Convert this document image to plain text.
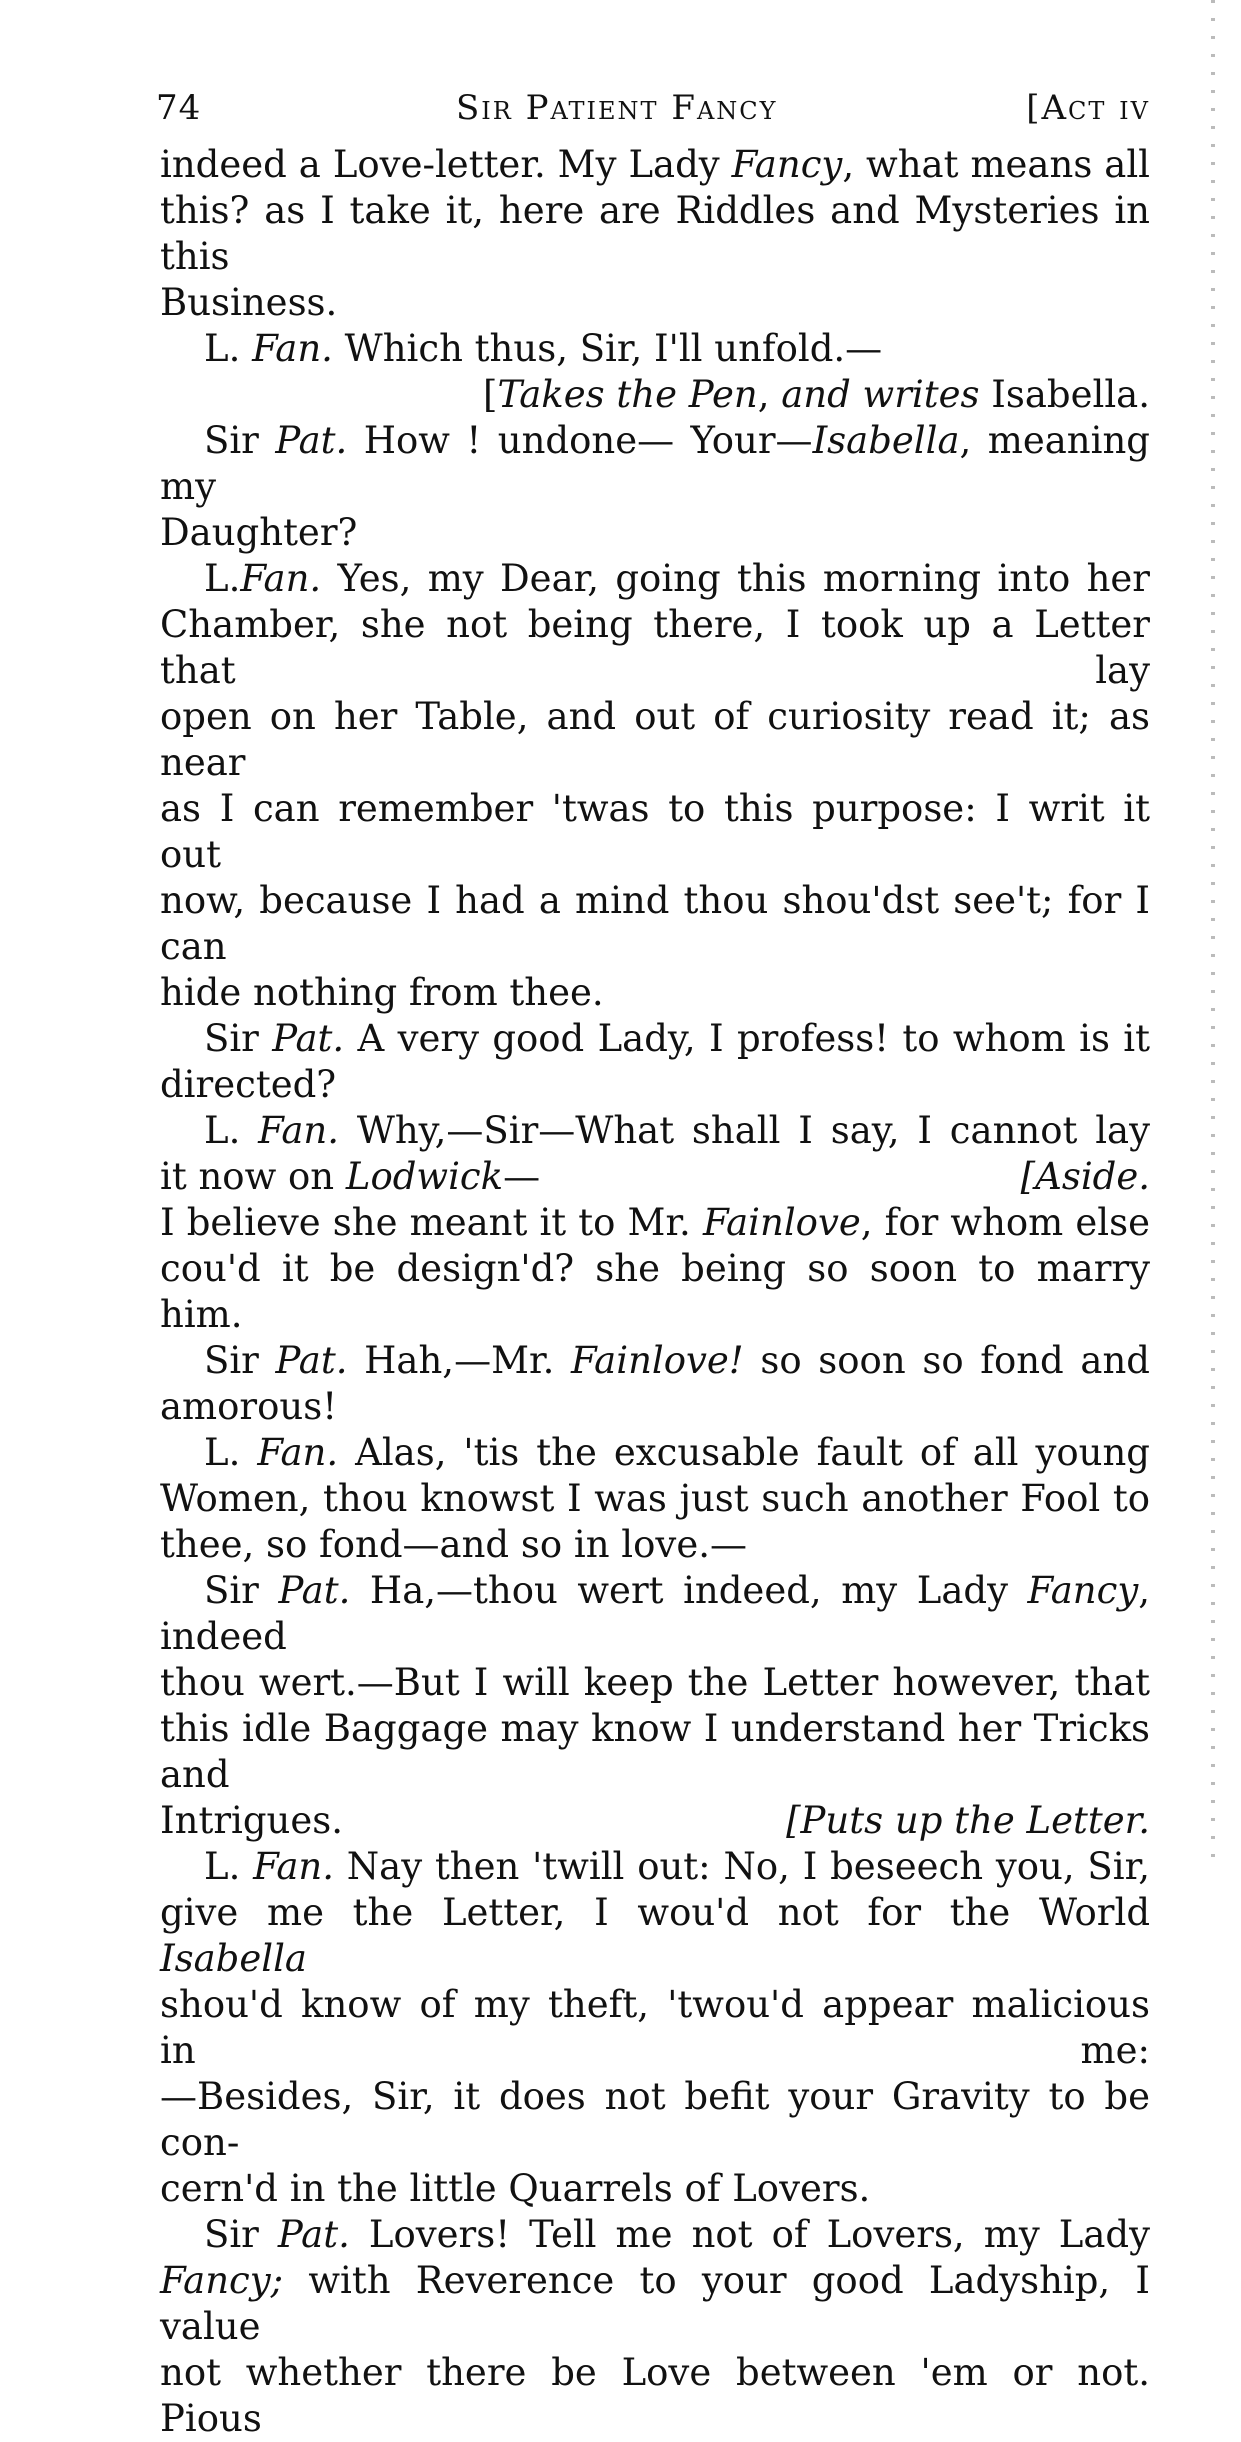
74	Sir Patient Fancy	[Act iv
indeed a Love-letter. My Lady Fancy, what means all
this? as I take it, here are Riddles and Mysteries in this
Business.
L. Fan. Which thus, Sir, I'll unfold.—
[Takes the Pen, and writes Isabella.
Sir Pat. How ! undone— Your—Isabella, meaning my
Daughter?
L.Fan. Yes, my Dear, going this morning into her
Chamber, she not being there, I took up a Letter that lay
open on her Table, and out of curiosity read it; as near
as I can remember 'twas to this purpose: I writ it out
now, because I had a mind thou shou'dst see't; for I can
hide nothing from thee.
Sir Pat. A very good Lady, I profess! to whom is it
directed?
L. Fan. Why,—Sir—What shall I say, I cannot lay
it now on Lodwick—	[Aside.
I believe she meant it to Mr. Fainlove, for whom else
cou'd it be design'd? she being so soon to marry him.
Sir Pat. Hah,—Mr. Fainlove! so soon so fond and
amorous!
L. Fan. Alas, 'tis the excusable fault of all young
Women, thou knowst I was just such another Fool to
thee, so fond—and so in love.—
Sir Pat. Ha,—thou wert indeed, my Lady Fancy, indeed
thou wert.—But I will keep the Letter however, that
this idle Baggage may know I understand her Tricks and
Intrigues.	[Puts up the Letter.
L. Fan. Nay then 'twill out: No, I beseech you, Sir,
give me the Letter, I wou'd not for the World Isabella
shou'd know of my theft, 'twou'd appear malicious in me:
—Besides, Sir, it does not befit your Gravity to be con-
cern'd in the little Quarrels of Lovers.
Sir Pat. Lovers! Tell me not of Lovers, my Lady
Fancy; with Reverence to your good Ladyship, I value
not whether there be Love between 'em or not. Pious
